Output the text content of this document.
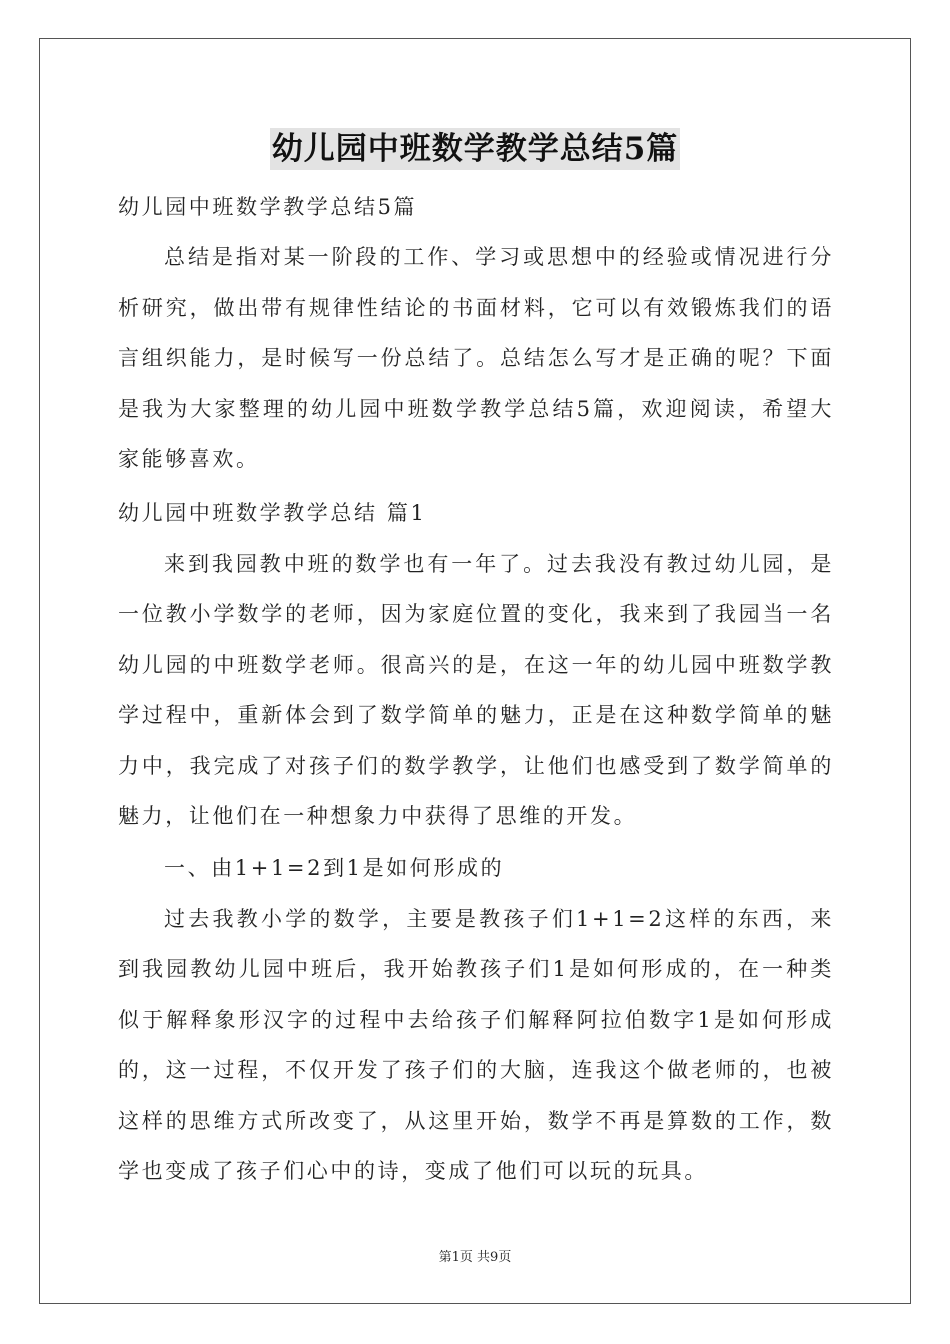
幼儿园中班数学教学总结5篇

幼儿园中班数学教学总结5篇

总结是指对某一阶段的工作、学习或思想中的经验或情况进行分析研究，做出带有规律性结论的书面材料，它可以有效锻炼我们的语言组织能力，是时候写一份总结了。总结怎么写才是正确的呢？下面是我为大家整理的幼儿园中班数学教学总结5篇，欢迎阅读，希望大家能够喜欢。

幼儿园中班数学教学总结 篇1

来到我园教中班的数学也有一年了。过去我没有教过幼儿园，是一位教小学数学的老师，因为家庭位置的变化，我来到了我园当一名幼儿园的中班数学老师。很高兴的是，在这一年的幼儿园中班数学教学过程中，重新体会到了数学简单的魅力，正是在这种数学简单的魅力中，我完成了对孩子们的数学教学，让他们也感受到了数学简单的魅力，让他们在一种想象力中获得了思维的开发。

一、由1+1=2到1是如何形成的

过去我教小学的数学，主要是教孩子们1+1=2这样的东西，来到我园教幼儿园中班后，我开始教孩子们1是如何形成的，在一种类似于解释象形汉字的过程中去给孩子们解释阿拉伯数字1是如何形成的，这一过程，不仅开发了孩子们的大脑，连我这个做老师的，也被这样的思维方式所改变了，从这里开始，数学不再是算数的工作，数学也变成了孩子们心中的诗，变成了他们可以玩的玩具。

第1页 共9页
